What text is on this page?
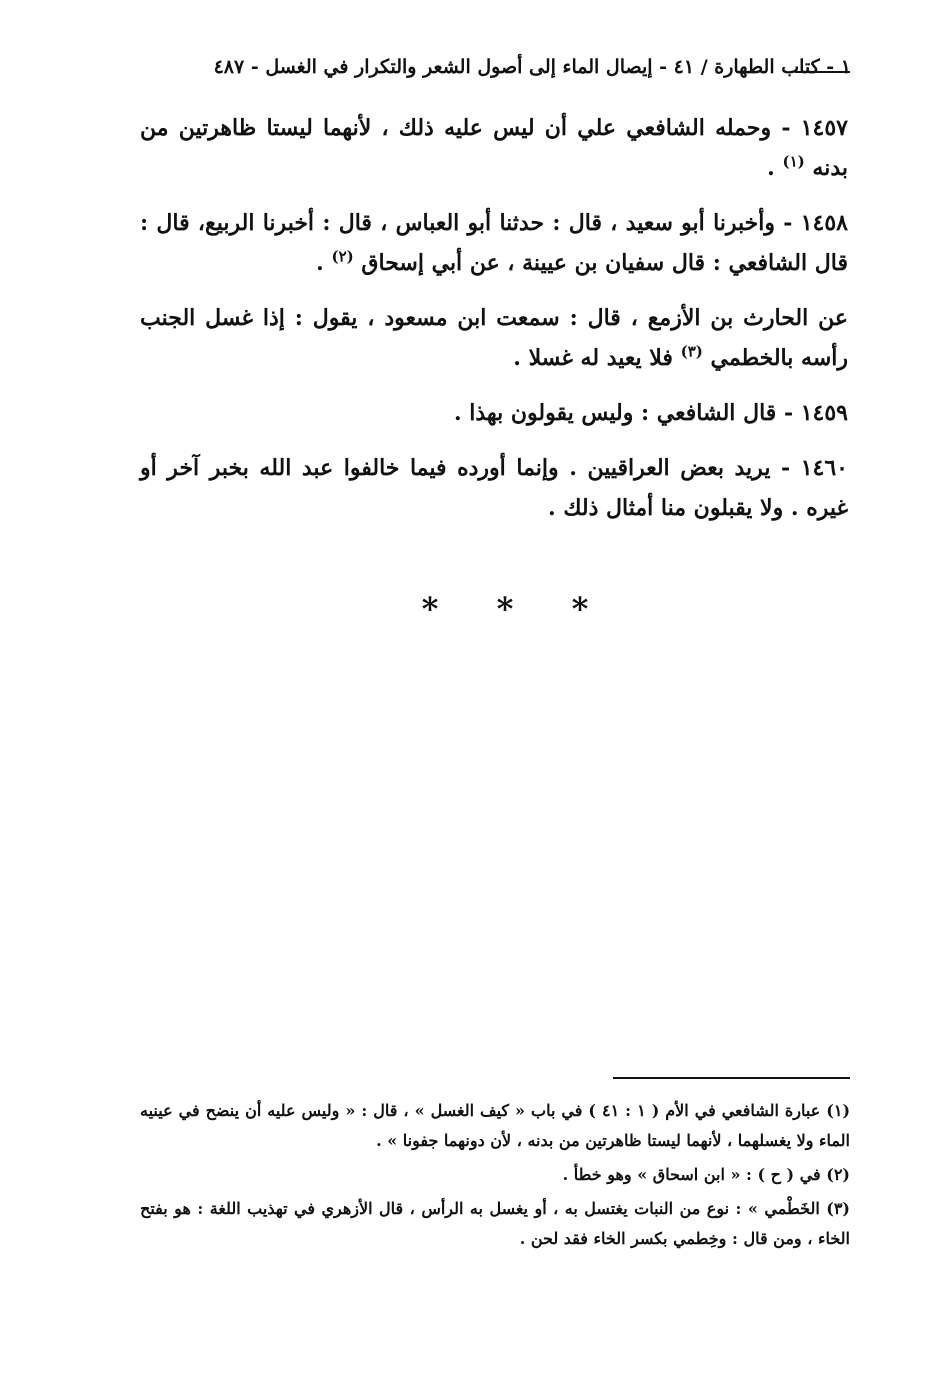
١ - كتاب الطهارة / ٤١ - إيصال الماء إلى أصول الشعر والتكرار في الغسل - ٤٨٧

١٤٥٧ - وحمله الشافعي علي أن ليس عليه ذلك ، لأنهما ليستا ظاهرتين من بدنه $^{(١)}$ .

١٤٥٨ - وأخبرنا أبو سعيد ، قال : حدثنا أبو العباس ، قال : أخبرنا الربيع، قال : قال الشافعي : قال سفيان بن عيينة ، عن أبي إسحاق $^{(٢)}$ .

عن الحارث بن الأزمع ، قال : سمعت ابن مسعود ، يقول : إذا غسل الجنب رأسه بالخطمي $^{(٣)}$ فلا يعيد له غسلا .

١٤٥٩ - قال الشافعي : وليس يقولون بهذا .

١٤٦٠ - يريد بعض العراقيين . وإنما أورده فيما خالفوا عبد الله بخبر آخر أو غيره . ولا يقبلون منا أمثال ذلك .

*	*	*

(١) عبارة الشافعي في الأم ( ١ : ٤١ ) في باب « كيف الغسل » ، قال : « وليس عليه أن ينضح في عينيه الماء ولا يغسلهما ، لأنهما ليستا ظاهرتين من بدنه ، لأن دونهما جفونا » .

(٢) في ( ح ) : « ابن اسحاق » وهو خطأ .

(٣) الخَطْمي » : نوع من النبات يغتسل به ، أو يغسل به الرأس ، قال الأزهري في تهذيب اللغة : هو بفتح الخاء ، ومن قال : وخِطمي بكسر الخاء فقد لحن .
